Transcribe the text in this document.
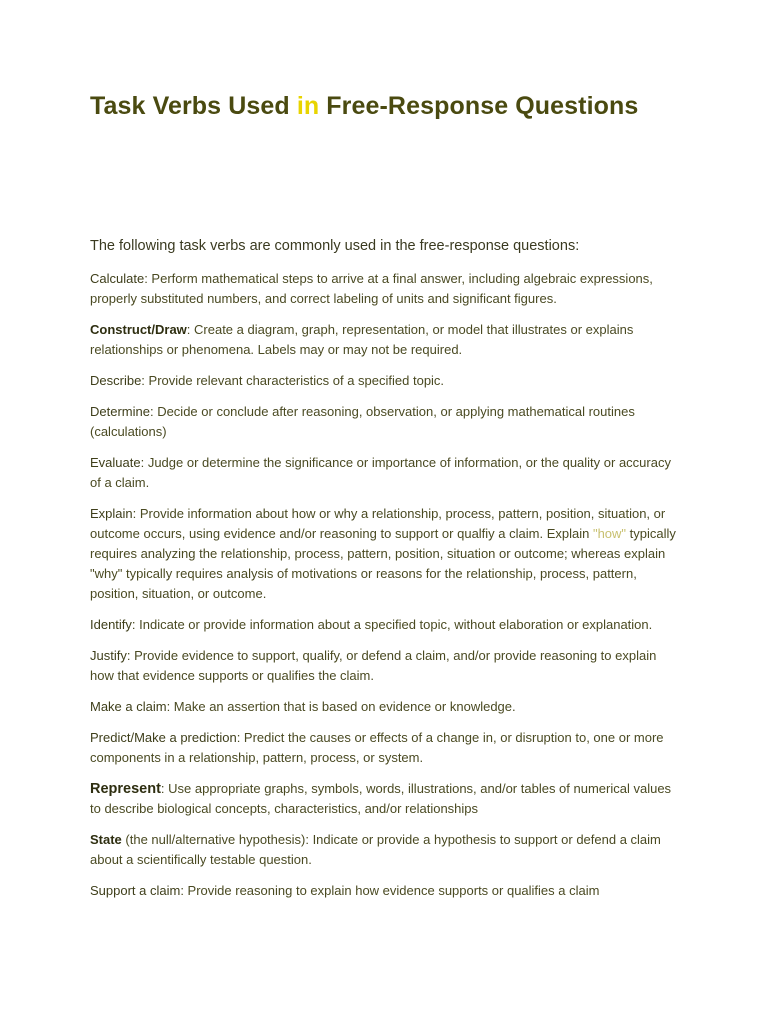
Task Verbs Used in Free-Response Questions

The following task verbs are commonly used in the free-response questions:

Calculate: Perform mathematical steps to arrive at a final answer, including algebraic expressions, properly substituted numbers, and correct labeling of units and significant figures.

Construct/Draw: Create a diagram, graph, representation, or model that illustrates or explains relationships or phenomena. Labels may or may not be required.

Describe: Provide relevant characteristics of a specified topic.

Determine: Decide or conclude after reasoning, observation, or applying mathematical routines (calculations)

Evaluate: Judge or determine the significance or importance of information, or the quality or accuracy of a claim.

Explain: Provide information about how or why a relationship, process, pattern, position, situation, or outcome occurs, using evidence and/or reasoning to support or qualfiy a claim. Explain "how" typically requires analyzing the relationship, process, pattern, position, situation or outcome; whereas explain "why" typically requires analysis of motivations or reasons for the relationship, process, pattern, position, situation, or outcome.

Identify: Indicate or provide information about a specified topic, without elaboration or explanation.

Justify: Provide evidence to support, qualify, or defend a claim, and/or provide reasoning to explain how that evidence supports or qualifies the claim.

Make a claim: Make an assertion that is based on evidence or knowledge.

Predict/Make a prediction: Predict the causes or effects of a change in, or disruption to, one or more components in a relationship, pattern, process, or system.

Represent: Use appropriate graphs, symbols, words, illustrations, and/or tables of numerical values to describe biological concepts, characteristics, and/or relationships

State (the null/alternative hypothesis): Indicate or provide a hypothesis to support or defend a claim about a scientifically testable question.

Support a claim: Provide reasoning to explain how evidence supports or qualifies a claim
